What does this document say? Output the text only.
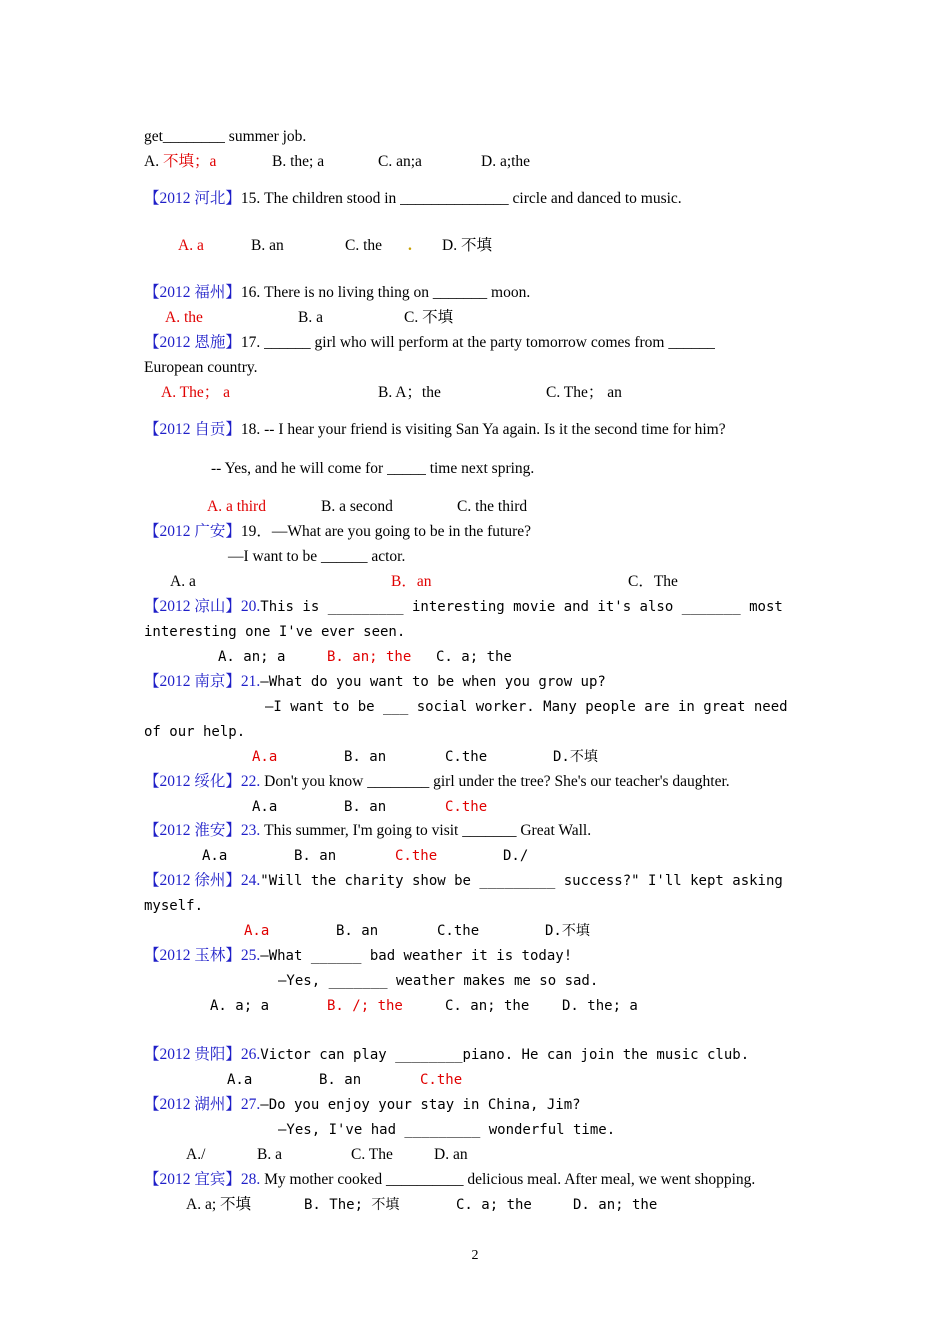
get________ summer job.
A. 不填；a	B. the; a	C. an;a	D. a;the
【2012 河北】15. The children stood in ______________ circle and danced to music.
A. a	B. an	C. the . D. 不填
【2012 福州】16. There is no living thing on _______ moon.
A. the	B. a	C. 不填
【2012 恩施】17. ______ girl who will perform at the party tomorrow comes from ______
European country.
A. The； a	B. A；the	C. The； an
【2012 自贡】18. -- I hear your friend is visiting San Ya again. Is it the second time for him?
-- Yes, and he will come for _____ time next spring.
A. a third	B. a second	C. the third
【2012 广安】19．—What are you going to be in the future?
—I want to be ______ actor.
A. a	B．an	C．The
【2012 凉山】20.This is _________ interesting movie and it's also _______ most
interesting one I've ever seen.
A. an; a	B. an; the C. a; the
【2012 南京】21.—What do you want to be when you grow up?
—I want to be ___ social worker. Many people are in great need
of our help.
A.a	B. an	C.the	D.不填
【2012 绥化】22. Don't you know ________ girl under the tree? She's our teacher's daughter.
A.a	B. an	C.the
【2012 淮安】23. This summer, I'm going to visit _______ Great Wall.
A.a	B. an	C.the	D./
【2012 徐州】24."Will the charity show be _________ success?" I'll kept asking
myself.
A.a	B. an	C.the	D.不填
【2012 玉林】25.—What ______ bad weather it is today!
—Yes, _______ weather makes me so sad.
A. a; a	B. /; the	C. an; the D. the; a
【2012 贵阳】26.Victor can play ________piano. He can join the music club.
A.a	B. an	C.the
【2012 湖州】27.—Do you enjoy your stay in China, Jim?
—Yes, I've had _________ wonderful time.
A./	B. a	C. The	D. an
【2012 宜宾】28. My mother cooked __________ delicious meal. After meal, we went shopping.
A. a; 不填	B. The; 不填	C. a; the	D. an; the
2
